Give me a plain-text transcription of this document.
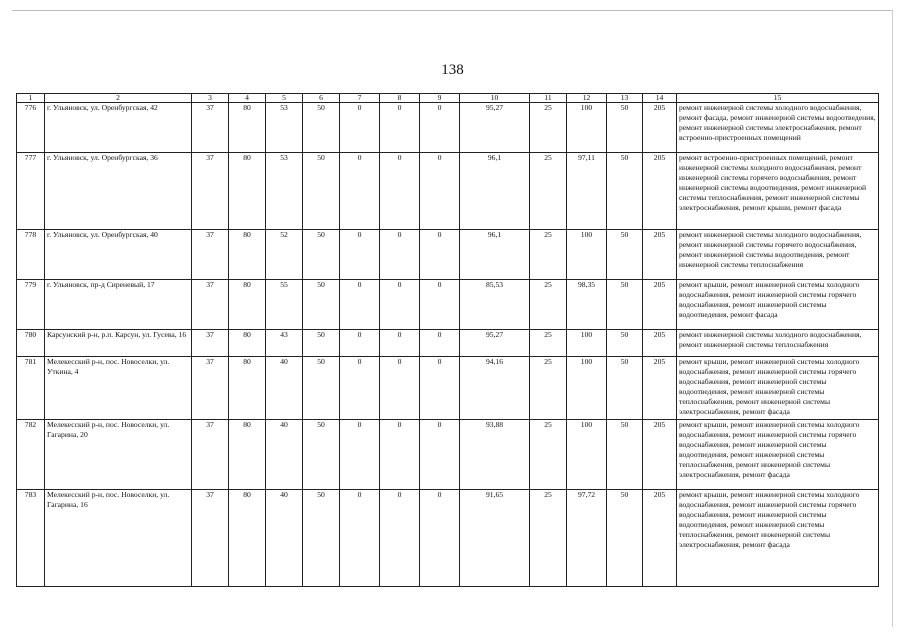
138
1	2	3	4	5	6	7	8	9	10	11	12	13	14	15
776	г. Ульяновск, ул. Оренбургская, 42	37	80	53	50	0	0	0	95,27	25	100	50	205	ремонт инженерной системы холодного водоснабжения, ремонт фасада, ремонт инженерной системы водоотведения, ремонт инженерной системы электроснабжения, ремонт встроенно-пристроенных помещений
777	г. Ульяновск, ул. Оренбургская, 36	37	80	53	50	0	0	0	96,1	25	97,11	50	205	ремонт встроенно-пристроенных помещений, ремонт инженерной системы холодного водоснабжения, ремонт инженерной системы горячего водоснабжения, ремонт инженерной системы водоотведения, ремонт инженерной системы теплоснабжения, ремонт инженерной системы электроснабжения, ремонт крыши, ремонт фасада
778	г. Ульяновск, ул. Оренбургская, 40	37	80	52	50	0	0	0	96,1	25	100	50	205	ремонт инженерной системы холодного водоснабжения, ремонт инженерной системы горячего водоснабжения, ремонт инженерной системы водоотведения, ремонт инженерной системы теплоснабжения
779	г. Ульяновск, пр-д Сиреневый, 17	37	80	55	50	0	0	0	85,53	25	98,35	50	205	ремонт крыши, ремонт инженерной системы холодного водоснабжения, ремонт инженерной системы горячего водоснабжения, ремонт инженерной системы водоотведения, ремонт фасада
780	Карсунский р-н, р.п. Карсун, ул. Гусева, 16	37	80	43	50	0	0	0	95,27	25	100	50	205	ремонт инженерной системы холодного водоснабжения, ремонт инженерной системы теплоснабжения
781	Мелекесский р-н, пос. Новоселки, ул. Уткина, 4	37	80	40	50	0	0	0	94,16	25	100	50	205	ремонт крыши, ремонт инженерной системы холодного водоснабжения, ремонт инженерной системы горячего водоснабжения, ремонт инженерной системы водоотведения, ремонт инженерной системы теплоснабжения, ремонт инженерной системы электроснабжения, ремонт фасада
782	Мелекесский р-н, пос. Новоселки, ул. Гагарина, 20	37	80	40	50	0	0	0	93,88	25	100	50	205	ремонт крыши, ремонт инженерной системы холодного водоснабжения, ремонт инженерной системы горячего водоснабжения, ремонт инженерной системы водоотведения, ремонт инженерной системы теплоснабжения, ремонт инженерной системы электроснабжения, ремонт фасада
783	Мелекесский р-н, пос. Новоселки, ул. Гагарина, 16	37	80	40	50	0	0	0	91,65	25	97,72	50	205	ремонт крыши, ремонт инженерной системы холодного водоснабжения, ремонт инженерной системы горячего водоснабжения, ремонт инженерной системы водоотведения, ремонт инженерной системы теплоснабжения, ремонт инженерной системы электроснабжения, ремонт фасада
